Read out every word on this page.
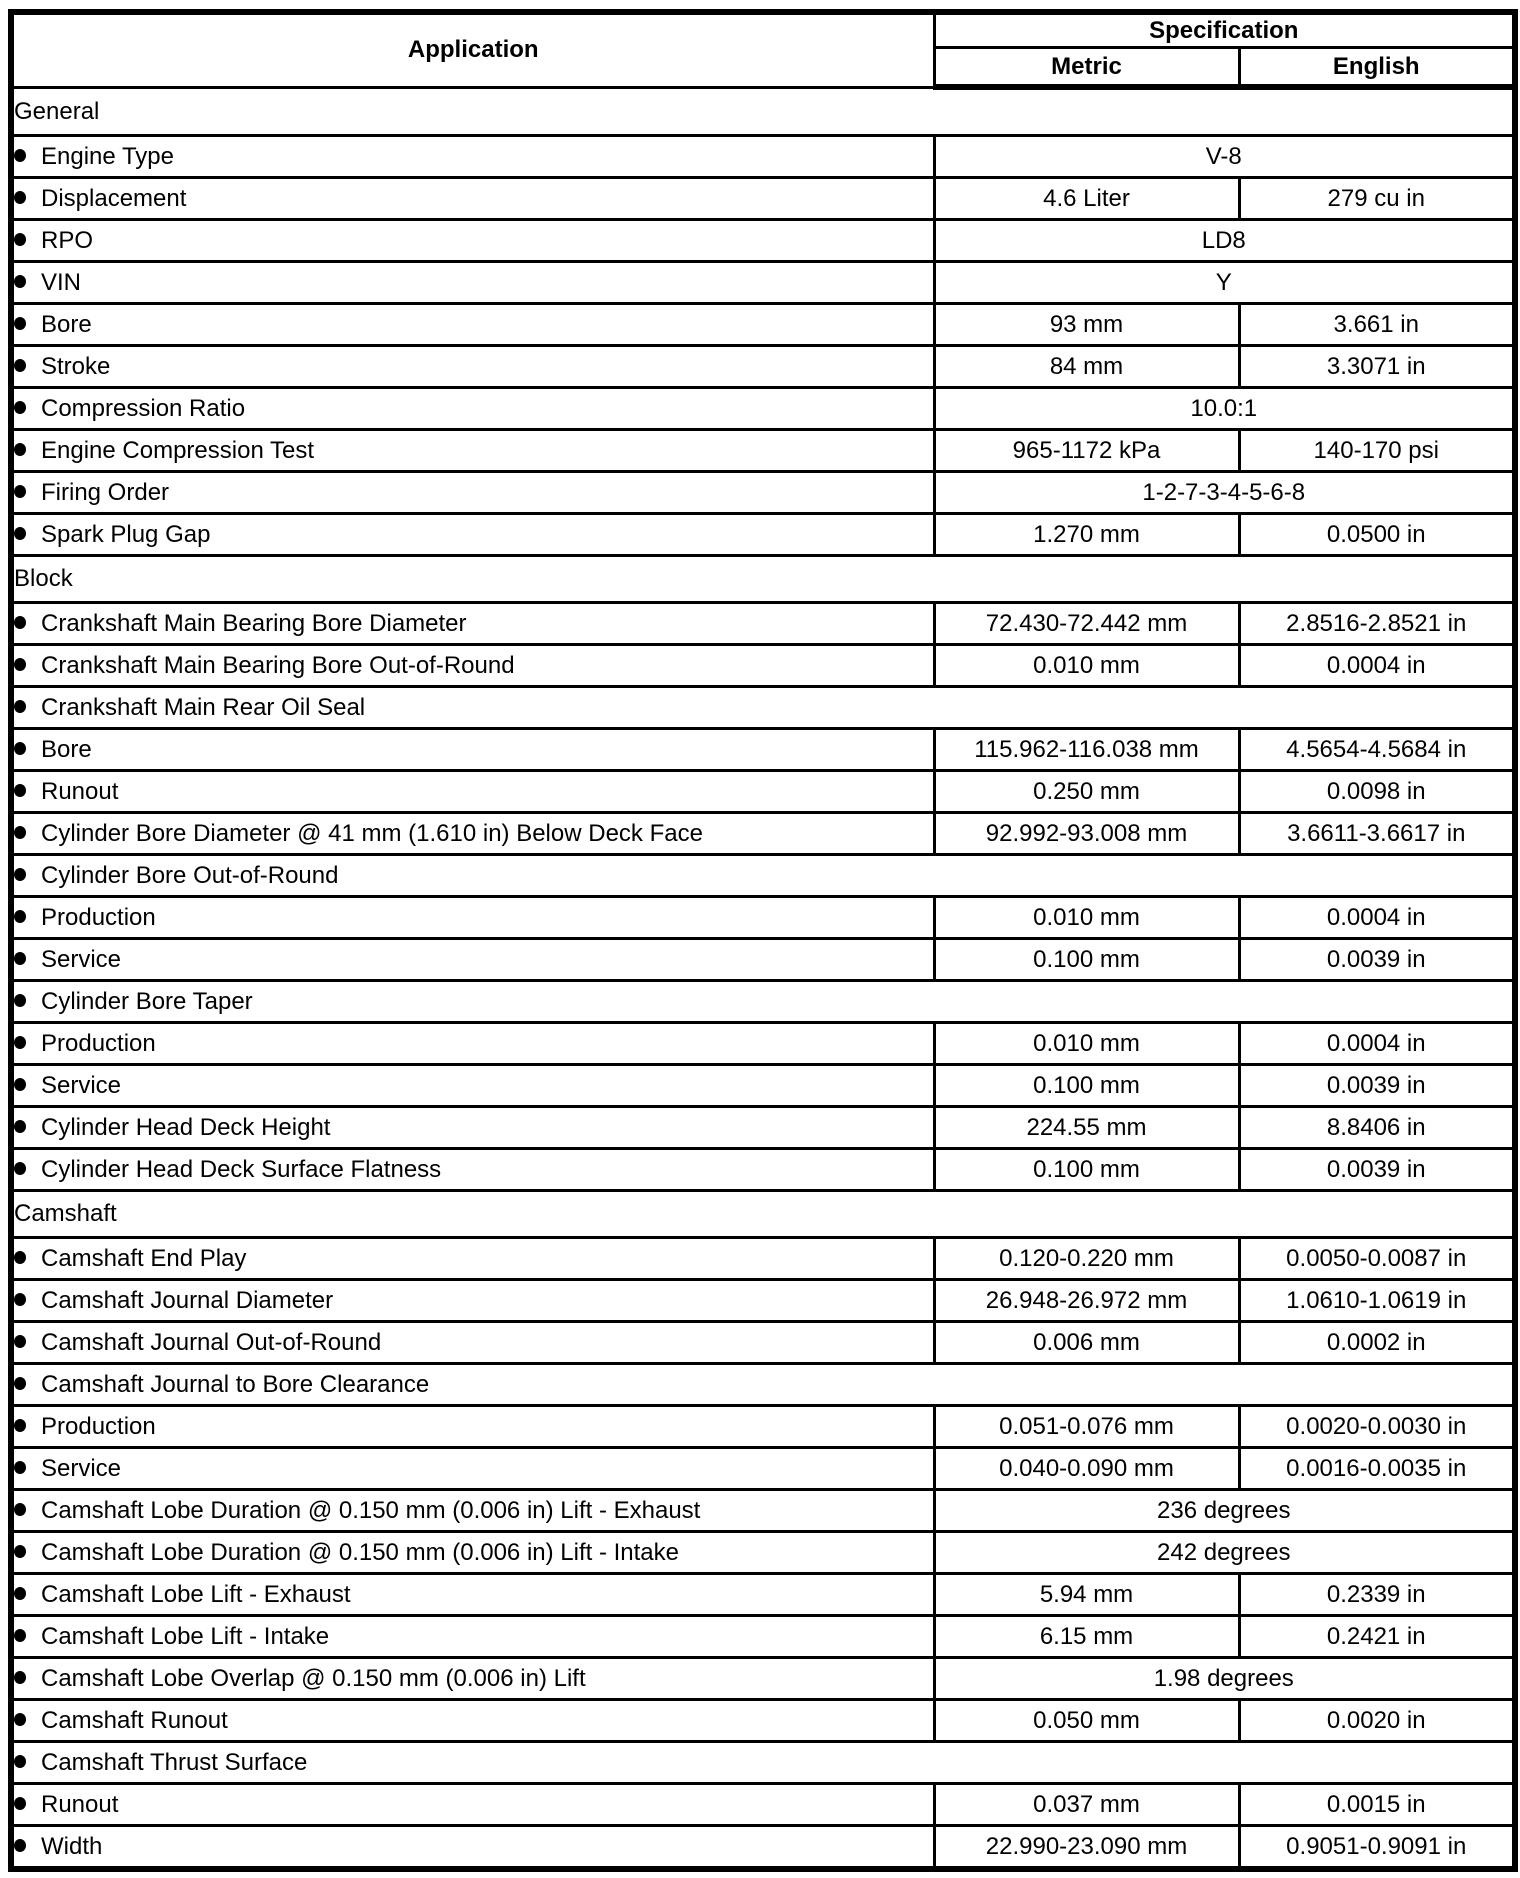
Application	Specification	
	Metric	English
General		
Engine Type	V-8	
Displacement	4.6 Liter	279 cu in
RPO	LD8	
VIN	Y	
Bore	93 mm	3.661 in
Stroke	84 mm	3.3071 in
Compression Ratio	10.0:1	
Engine Compression Test	965-1172 kPa	140-170 psi
Firing Order	1-2-7-3-4-5-6-8	
Spark Plug Gap	1.270 mm	0.0500 in
Block		
Crankshaft Main Bearing Bore Diameter	72.430-72.442 mm	2.8516-2.8521 in
Crankshaft Main Bearing Bore Out-of-Round	0.010 mm	0.0004 in
Crankshaft Main Rear Oil Seal		
Bore	115.962-116.038 mm	4.5654-4.5684 in
Runout	0.250 mm	0.0098 in
Cylinder Bore Diameter @ 41 mm (1.610 in) Below Deck Face	92.992-93.008 mm	3.6611-3.6617 in
Cylinder Bore Out-of-Round		
Production	0.010 mm	0.0004 in
Service	0.100 mm	0.0039 in
Cylinder Bore Taper		
Production	0.010 mm	0.0004 in
Service	0.100 mm	0.0039 in
Cylinder Head Deck Height	224.55 mm	8.8406 in
Cylinder Head Deck Surface Flatness	0.100 mm	0.0039 in
Camshaft		
Camshaft End Play	0.120-0.220 mm	0.0050-0.0087 in
Camshaft Journal Diameter	26.948-26.972 mm	1.0610-1.0619 in
Camshaft Journal Out-of-Round	0.006 mm	0.0002 in
Camshaft Journal to Bore Clearance		
Production	0.051-0.076 mm	0.0020-0.0030 in
Service	0.040-0.090 mm	0.0016-0.0035 in
Camshaft Lobe Duration @ 0.150 mm (0.006 in) Lift - Exhaust	236 degrees	
Camshaft Lobe Duration @ 0.150 mm (0.006 in) Lift - Intake	242 degrees	
Camshaft Lobe Lift - Exhaust	5.94 mm	0.2339 in
Camshaft Lobe Lift - Intake	6.15 mm	0.2421 in
Camshaft Lobe Overlap @ 0.150 mm (0.006 in) Lift	1.98 degrees	
Camshaft Runout	0.050 mm	0.0020 in
Camshaft Thrust Surface		
Runout	0.037 mm	0.0015 in
Width	22.990-23.090 mm	0.9051-0.9091 in
